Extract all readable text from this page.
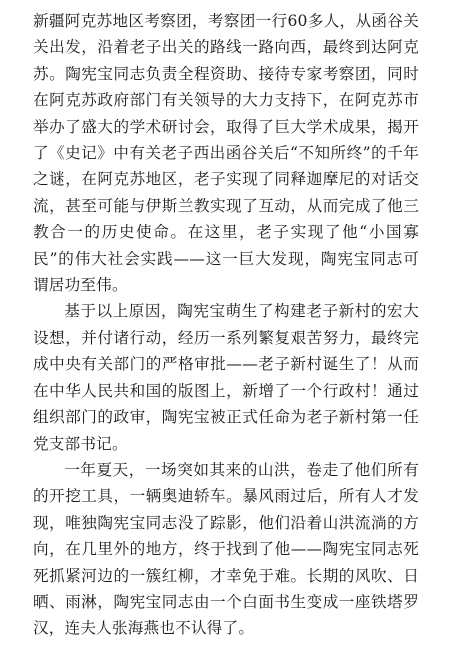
新疆阿克苏地区考察团，考察团一行60多人，从函谷关关出发，沿着老子出关的路线一路向西，最终到达阿克苏。陶宪宝同志负责全程资助、接待专家考察团，同时在阿克苏政府部门有关领导的大力支持下，在阿克苏市举办了盛大的学术研讨会，取得了巨大学术成果，揭开了《史记》中有关老子西出函谷关后“不知所终”的千年之谜，在阿克苏地区，老子实现了同释迦摩尼的对话交流，甚至可能与伊斯兰教实现了互动，从而完成了他三教合一的历史使命。在这里，老子实现了他“小国寡民”的伟大社会实践——这一巨大发现，陶宪宝同志可谓居功至伟。

基于以上原因，陶宪宝萌生了构建老子新村的宏大设想，并付诸行动，经历一系列繁复艰苦努力，最终完成中央有关部门的严格审批——老子新村诞生了！从而在中华人民共和国的版图上，新增了一个行政村！通过组织部门的政审，陶宪宝被正式任命为老子新村第一任党支部书记。

一年夏天，一场突如其来的山洪，卷走了他们所有的开挖工具，一辆奥迪轿车。暴风雨过后，所有人才发现，唯独陶宪宝同志没了踪影，他们沿着山洪流淌的方向，在几里外的地方，终于找到了他——陶宪宝同志死死抓紧河边的一簇红柳，才幸免于难。长期的风吹、日晒、雨淋，陶宪宝同志由一个白面书生变成一座铁塔罗汉，连夫人张海燕也不认得了。
